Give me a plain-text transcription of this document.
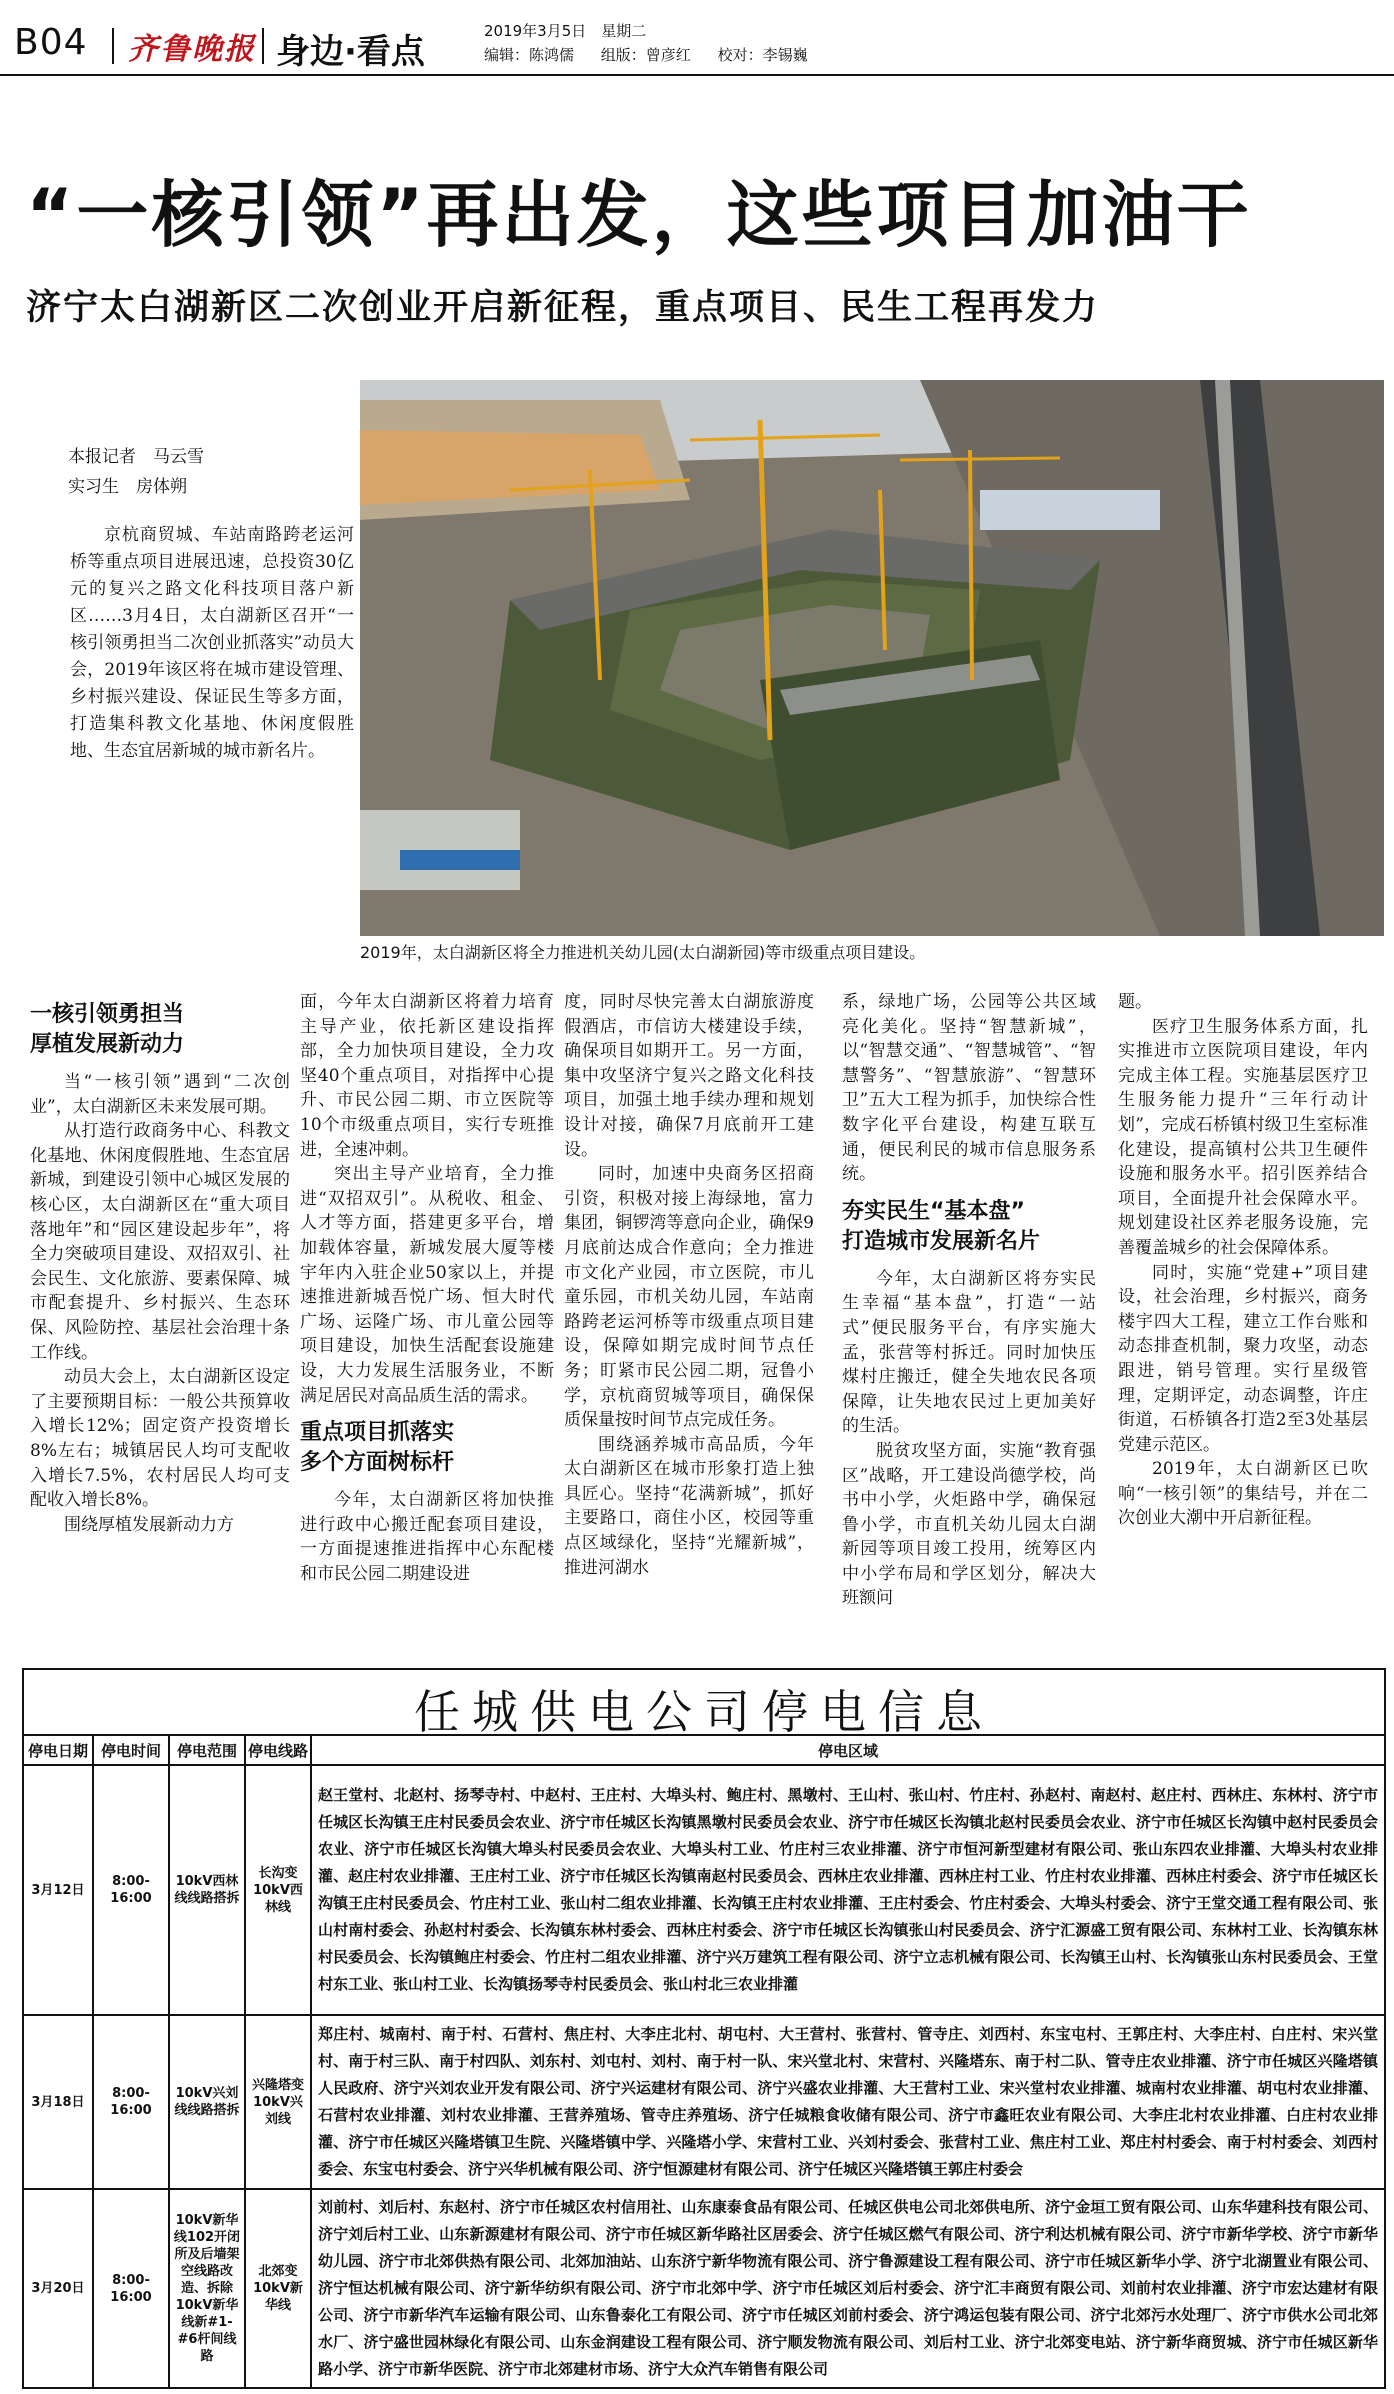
B04 齐鲁晚报 身边·看点
2019年3月5日　星期二
编辑：陈鸿儒 组版：曾彦红 校对：李锡巍
“一核引领”再出发，这些项目加油干
济宁太白湖新区二次创业开启新征程，重点项目、民生工程再发力
本报记者　马云雪
实习生　房体朔

京杭商贸城、车站南路跨老运河桥等重点项目进展迅速，总投资30亿元的复兴之路文化科技项目落户新区……3月4日，太白湖新区召开“一核引领勇担当二次创业抓落实”动员大会，2019年该区将在城市建设管理、乡村振兴建设、保证民生等多方面，打造集科教文化基地、休闲度假胜地、生态宜居新城的城市新名片。

2019年，太白湖新区将全力推进机关幼儿园(太白湖新园)等市级重点项目建设。
一核引领勇担当
厚植发展新动力

当“一核引领”遇到“二次创业”，太白湖新区未来发展可期。

从打造行政商务中心、科教文化基地、休闲度假胜地、生态宜居新城，到建设引领中心城区发展的核心区，太白湖新区在“重大项目落地年”和“园区建设起步年”，将全力突破项目建设、双招双引、社会民生、文化旅游、要素保障、城市配套提升、乡村振兴、生态环保、风险防控、基层社会治理十条工作线。

动员大会上，太白湖新区设定了主要预期目标：一般公共预算收入增长12%；固定资产投资增长8%左右；城镇居民人均可支配收入增长7.5%，农村居民人均可支配收入增长8%。

围绕厚植发展新动力方

面，今年太白湖新区将着力培育主导产业，依托新区建设指挥部，全力加快项目建设，全力攻坚40个重点项目，对指挥中心提升、市民公园二期、市立医院等10个市级重点项目，实行专班推进，全速冲刺。

突出主导产业培育，全力推进“双招双引”。从税收、租金、人才等方面，搭建更多平台，增加载体容量，新城发展大厦等楼宇年内入驻企业50家以上，并提速推进新城吾悦广场、恒大时代广场、运隆广场、市儿童公园等项目建设，加快生活配套设施建设，大力发展生活服务业，不断满足居民对高品质生活的需求。

重点项目抓落实
多个方面树标杆

今年，太白湖新区将加快推进行政中心搬迁配套项目建设，一方面提速推进指挥中心东配楼和市民公园二期建设进

度，同时尽快完善太白湖旅游度假酒店，市信访大楼建设手续，确保项目如期开工。另一方面，集中攻坚济宁复兴之路文化科技项目，加强土地手续办理和规划设计对接，确保7月底前开工建设。

同时，加速中央商务区招商引资，积极对接上海绿地，富力集团，铜锣湾等意向企业，确保9月底前达成合作意向；全力推进市文化产业园，市立医院，市儿童乐园，市机关幼儿园，车站南路跨老运河桥等市级重点项目建设，保障如期完成时间节点任务；盯紧市民公园二期，冠鲁小学，京杭商贸城等项目，确保保质保量按时间节点完成任务。

围绕涵养城市高品质，今年太白湖新区在城市形象打造上独具匠心。坚持“花满新城”，抓好主要路口，商住小区，校园等重点区域绿化，坚持“光耀新城”，推进河湖水

系，绿地广场，公园等公共区域亮化美化。坚持“智慧新城”，以“智慧交通”、“智慧城管”、“智慧警务”、“智慧旅游”、“智慧环卫”五大工程为抓手，加快综合性数字化平台建设，构建互联互通，便民利民的城市信息服务系统。

夯实民生“基本盘”
打造城市发展新名片

今年，太白湖新区将夯实民生幸福“基本盘”，打造“一站式”便民服务平台，有序实施大孟，张营等村拆迁。同时加快压煤村庄搬迁，健全失地农民各项保障，让失地农民过上更加美好的生活。

脱贫攻坚方面，实施“教育强区”战略，开工建设尚德学校，尚书中小学，火炬路中学，确保冠鲁小学，市直机关幼儿园太白湖新园等项目竣工投用，统筹区内中小学布局和学区划分，解决大班额问

题。

医疗卫生服务体系方面，扎实推进市立医院项目建设，年内完成主体工程。实施基层医疗卫生服务能力提升“三年行动计划”，完成石桥镇村级卫生室标准化建设，提高镇村公共卫生硬件设施和服务水平。招引医养结合项目，全面提升社会保障水平。规划建设社区养老服务设施，完善覆盖城乡的社会保障体系。

同时，实施“党建+”项目建设，社会治理，乡村振兴，商务楼宇四大工程，建立工作台账和动态排查机制，聚力攻坚，动态跟进，销号管理。实行星级管理，定期评定，动态调整，许庄街道，石桥镇各打造2至3处基层党建示范区。

2019年，太白湖新区已吹响“一核引领”的集结号，并在二次创业大潮中开启新征程。

任城供电公司停电信息
停电日期	停电时间	停电范围	停电线路	停电区域
3月12日	8:00-16:00	10kV西林线线路搭拆	长沟变10kV西林线	赵王堂村、北赵村、扬琴寺村、中赵村、王庄村、大埠头村、鲍庄村、黑墩村、王山村、张山村、竹庄村、孙赵村、南赵村、赵庄村、西林庄、东林村、济宁市任城区长沟镇王庄村民委员会农业、济宁市任城区长沟镇黑墩村民委员会农业、济宁市任城区长沟镇北赵村民委员会农业、济宁市任城区长沟镇中赵村民委员会农业、济宁市任城区长沟镇大埠头村民委员会农业、大埠头村工业、竹庄村三农业排灌、济宁市恒河新型建材有限公司、张山东四农业排灌、大埠头村农业排灌、赵庄村农业排灌、王庄村工业、济宁市任城区长沟镇南赵村民委员会、西林庄农业排灌、西林庄村工业、竹庄村农业排灌、西林庄村委会、济宁市任城区长沟镇王庄村民委员会、竹庄村工业、张山村二组农业排灌、长沟镇王庄村农业排灌、王庄村委会、竹庄村委会、大埠头村委会、济宁王堂交通工程有限公司、张山村南村委会、孙赵村村委会、长沟镇东林村委会、西林庄村委会、济宁市任城区长沟镇张山村民委员会、济宁汇源盛工贸有限公司、东林村工业、长沟镇东林村民委员会、长沟镇鲍庄村委会、竹庄村二组农业排灌、济宁兴万建筑工程有限公司、济宁立志机械有限公司、长沟镇王山村、长沟镇张山东村民委员会、王堂村东工业、张山村工业、长沟镇扬琴寺村民委员会、张山村北三农业排灌
3月18日	8:00-16:00	10kV兴刘线线路搭拆	兴隆塔变10kV兴刘线	郑庄村、城南村、南于村、石营村、焦庄村、大李庄北村、胡屯村、大王营村、张营村、管寺庄、刘西村、东宝屯村、王郭庄村、大李庄村、白庄村、宋兴堂村、南于村三队、南于村四队、刘东村、刘屯村、刘村、南于村一队、宋兴堂北村、宋营村、兴隆塔东、南于村二队、管寺庄农业排灌、济宁市任城区兴隆塔镇人民政府、济宁兴刘农业开发有限公司、济宁兴运建材有限公司、济宁兴盛农业排灌、大王营村工业、宋兴堂村农业排灌、城南村农业排灌、胡屯村农业排灌、石营村农业排灌、刘村农业排灌、王营养殖场、管寺庄养殖场、济宁任城粮食收储有限公司、济宁市鑫旺农业有限公司、大李庄北村农业排灌、白庄村农业排灌、济宁市任城区兴隆塔镇卫生院、兴隆塔镇中学、兴隆塔小学、宋营村工业、兴刘村委会、张营村工业、焦庄村工业、郑庄村村委会、南于村村委会、刘西村委会、东宝屯村委会、济宁兴华机械有限公司、济宁恒源建材有限公司、济宁任城区兴隆塔镇王郭庄村委会
3月20日	8:00-16:00	10kV新华线102开闭所及后墙架空线路改造、拆除10kV新华线新#1-#6杆间线路	北郊变10kV新华线	刘前村、刘后村、东赵村、济宁市任城区农村信用社、山东康泰食品有限公司、任城区供电公司北郊供电所、济宁金垣工贸有限公司、山东华建科技有限公司、济宁刘后村工业、山东新源建材有限公司、济宁市任城区新华路社区居委会、济宁任城区燃气有限公司、济宁利达机械有限公司、济宁市新华学校、济宁市新华幼儿园、济宁市北郊供热有限公司、北郊加油站、山东济宁新华物流有限公司、济宁鲁源建设工程有限公司、济宁市任城区新华小学、济宁北湖置业有限公司、济宁恒达机械有限公司、济宁新华纺织有限公司、济宁市北郊中学、济宁市任城区刘后村委会、济宁汇丰商贸有限公司、刘前村农业排灌、济宁市宏达建材有限公司、济宁市新华汽车运输有限公司、山东鲁泰化工有限公司、济宁市任城区刘前村委会、济宁鸿运包装有限公司、济宁北郊污水处理厂、济宁市供水公司北郊水厂、济宁盛世园林绿化有限公司、山东金润建设工程有限公司、济宁顺发物流有限公司、刘后村工业、济宁北郊变电站、济宁新华商贸城、济宁市任城区新华路小学、济宁市新华医院、济宁市北郊建材市场、济宁大众汽车销售有限公司
